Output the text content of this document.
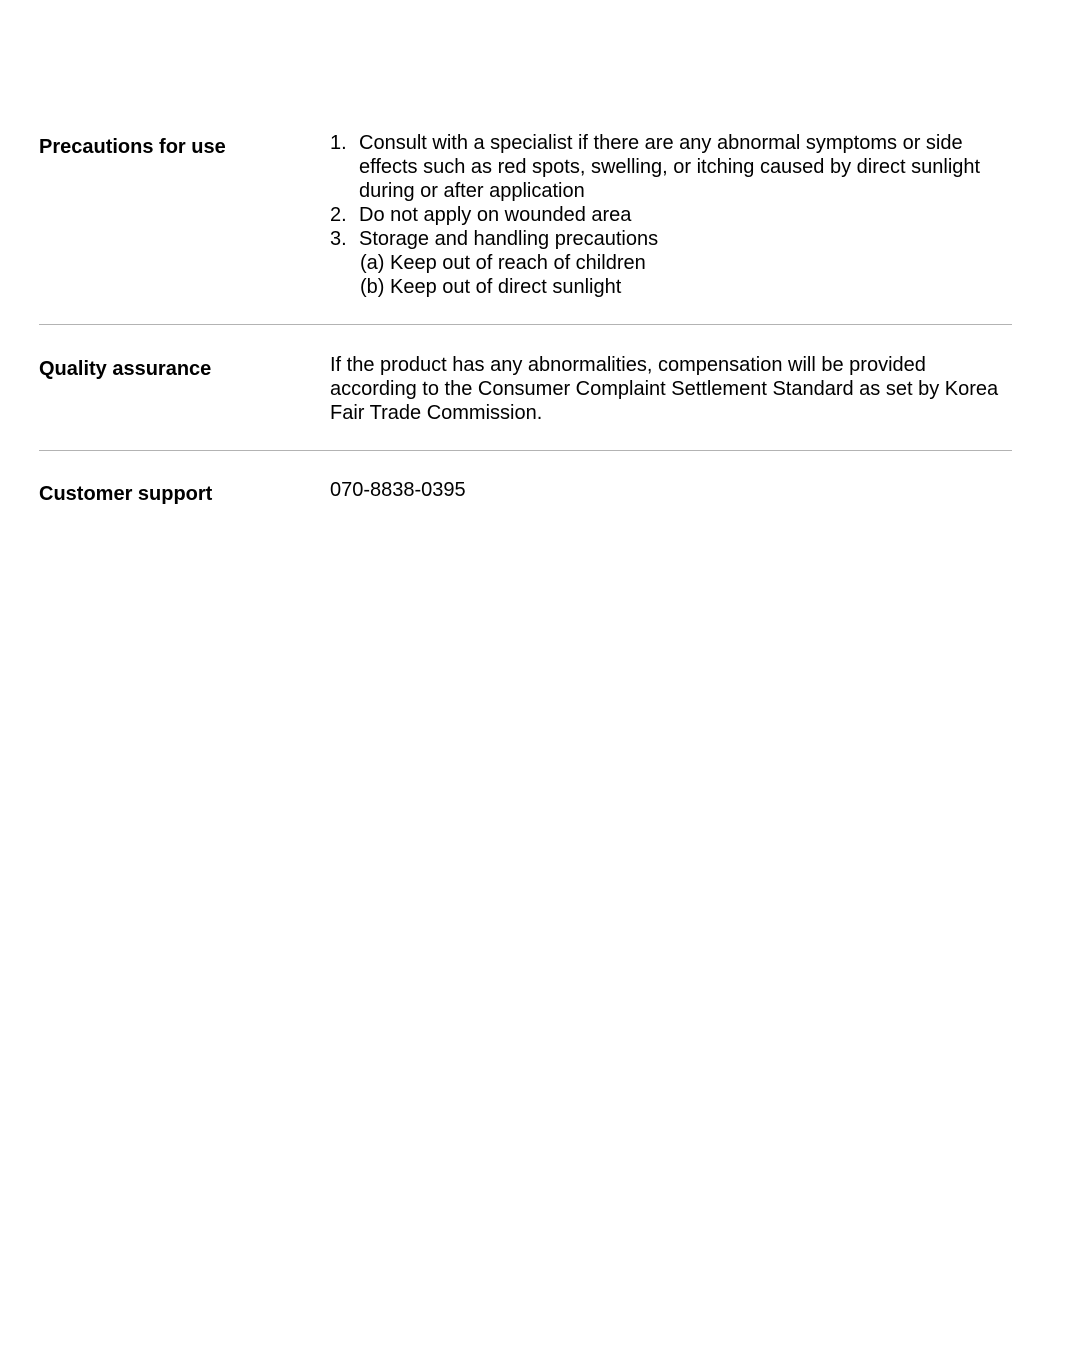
Precautions for use	1. Consult with a specialist if there are any abnormal symptoms or side
effects such as red spots, swelling, or itching caused by direct sunlight
during or after application
2. Do not apply on wounded area
3. Storage and handling precautions
(a) Keep out of reach of children
(b) Keep out of direct sunlight
Quality assurance	If the product has any abnormalities, compensation will be provided
according to the Consumer Complaint Settlement Standard as set by Korea
Fair Trade Commission.
Customer support	070-8838-0395
